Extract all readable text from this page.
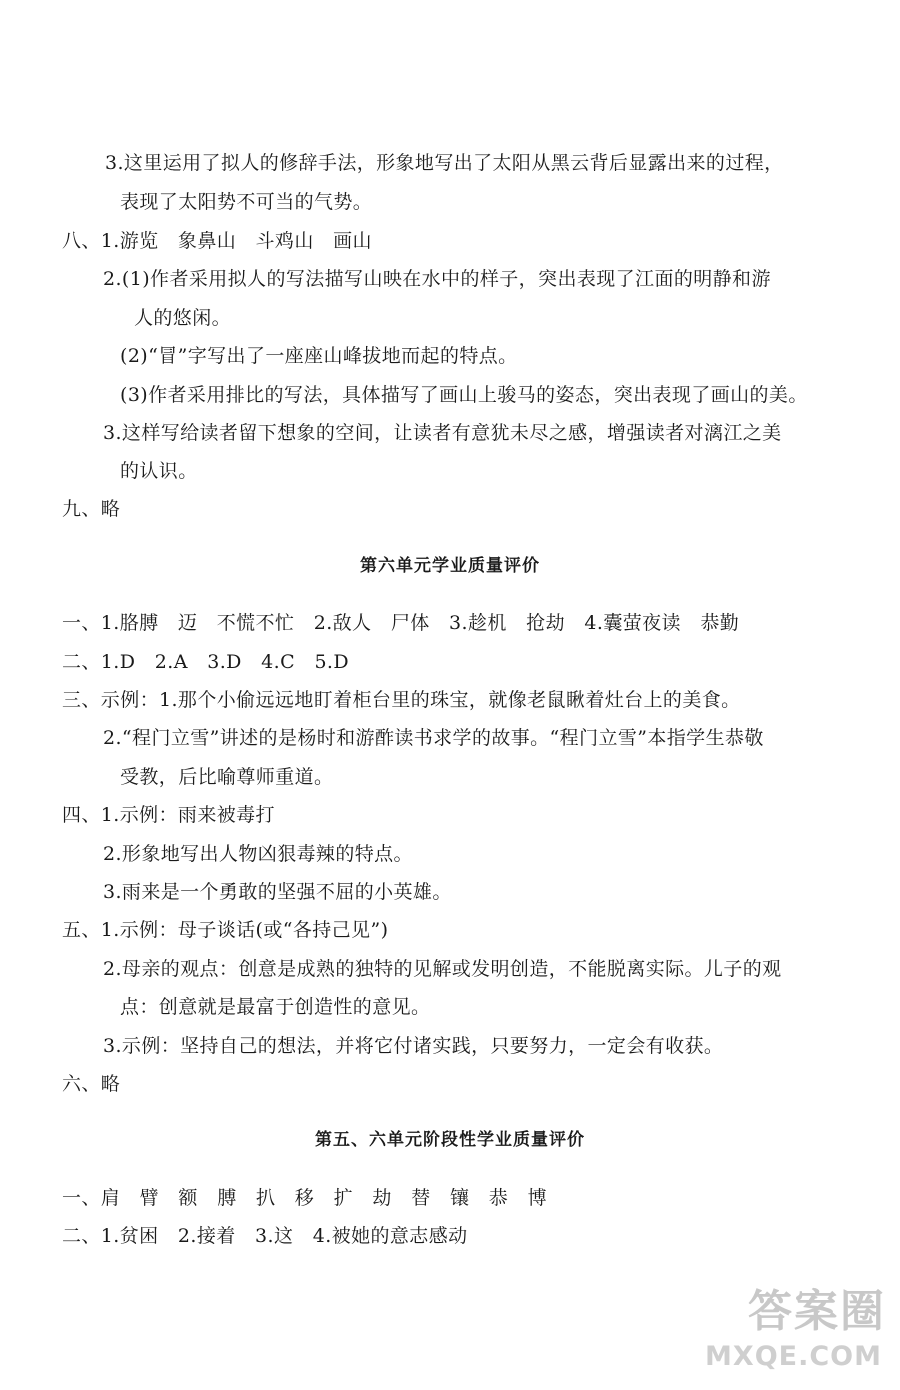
3.这里运用了拟人的修辞手法，形象地写出了太阳从黑云背后显露出来的过程，
表现了太阳势不可当的气势。
八、1.游览　象鼻山　斗鸡山　画山
2.(1)作者采用拟人的写法描写山映在水中的样子，突出表现了江面的明静和游
人的悠闲。
(2)“冒”字写出了一座座山峰拔地而起的特点。
(3)作者采用排比的写法，具体描写了画山上骏马的姿态，突出表现了画山的美。
3.这样写给读者留下想象的空间，让读者有意犹未尽之感，增强读者对漓江之美
的认识。
九、略
第六单元学业质量评价
一、1.胳膊　迈　不慌不忙　2.敌人　尸体　3.趁机　抢劫　4.囊萤夜读　恭勤
二、1.D　2.A　3.D　4.C　5.D
三、示例：1.那个小偷远远地盯着柜台里的珠宝，就像老鼠瞅着灶台上的美食。
2.“程门立雪”讲述的是杨时和游酢读书求学的故事。“程门立雪”本指学生恭敬
受教，后比喻尊师重道。
四、1.示例：雨来被毒打
2.形象地写出人物凶狠毒辣的特点。
3.雨来是一个勇敢的坚强不屈的小英雄。
五、1.示例：母子谈话(或“各持己见”)
2.母亲的观点：创意是成熟的独特的见解或发明创造，不能脱离实际。儿子的观
点：创意就是最富于创造性的意见。
3.示例：坚持自己的想法，并将它付诸实践，只要努力，一定会有收获。
六、略
第五、六单元阶段性学业质量评价
一、肩　臂　额　膊　扒　移　扩　劫　替　镶　恭　博
二、1.贫困　2.接着　3.这　4.被她的意志感动
答案圈
MXQE.COM
